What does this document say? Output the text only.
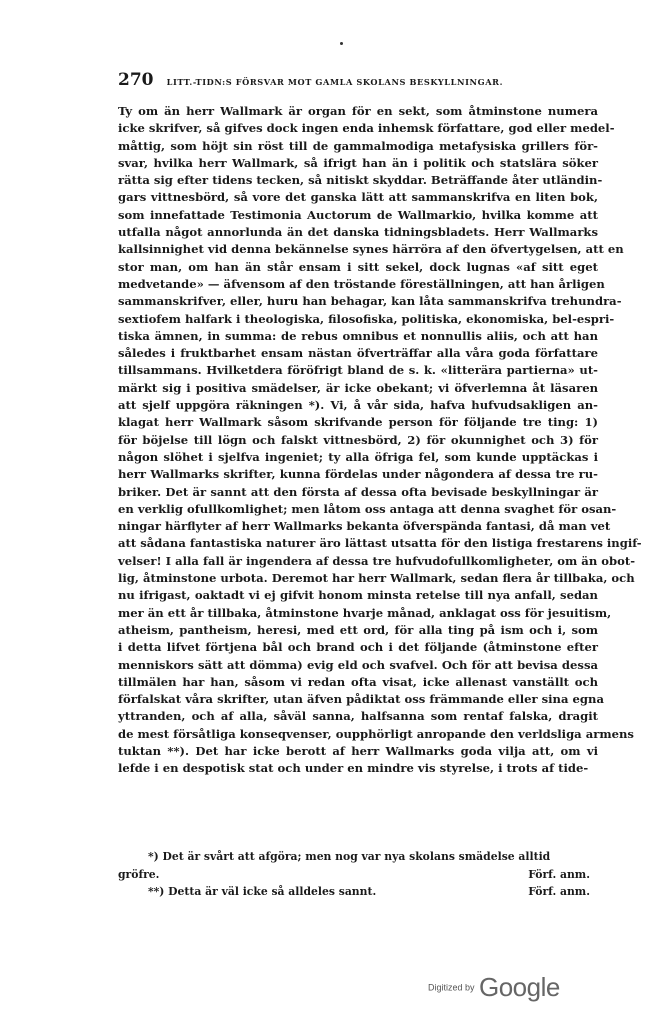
270 LITT.-TIDN:S FÖRSVAR MOT GAMLA SKOLANS BESKYLLNINGAR.
Ty om än herr Wallmark är organ för en sekt, som åtminstone numera
icke skrifver, så gifves dock ingen enda inhemsk författare, god eller medel-
måttig, som höjt sin röst till de gammalmodiga metafysiska grillers för-
svar, hvilka herr Wallmark, så ifrigt han än i politik och statslära söker
rätta sig efter tidens tecken, så nitiskt skyddar. Beträffande åter utländin-
gars vittnesbörd, så vore det ganska lätt att sammanskrifva en liten bok,
som innefattade Testimonia Auctorum de Wallmarkio, hvilka komme att
utfalla något annorlunda än det danska tidningsbladets. Herr Wallmarks
kallsinnighet vid denna bekännelse synes härröra af den öfvertygelsen, att en
stor man, om han än står ensam i sitt sekel, dock lugnas «af sitt eget
medvetande» — äfvensom af den tröstande föreställningen, att han årligen
sammanskrifver, eller, huru han behagar, kan låta sammanskrifva trehundra-
sextiofem halfark i theologiska, filosofiska, politiska, ekonomiska, bel-espri-
tiska ämnen, in summa: de rebus omnibus et nonnullis aliis, och att han
således i fruktbarhet ensam nästan öfverträffar alla våra goda författare
tillsammans. Hvilketdera föröfrigt bland de s. k. «litterära partierna» ut-
märkt sig i positiva smädelser, är icke obekant; vi öfverlemna åt läsaren
att sjelf uppgöra räkningen *). Vi, å vår sida, hafva hufvudsakligen an-
klagat herr Wallmark såsom skrifvande person för följande tre ting: 1)
för böjelse till lögn och falskt vittnesbörd, 2) för okunnighet och 3) för
någon slöhet i sjelfva ingeniet; ty alla öfriga fel, som kunde upptäckas i
herr Wallmarks skrifter, kunna fördelas under någondera af dessa tre ru-
briker. Det är sannt att den första af dessa ofta bevisade beskyllningar är
en verklig ofullkomlighet; men låtom oss antaga att denna svaghet för osan-
ningar härflyter af herr Wallmarks bekanta öfverspända fantasi, då man vet
att sådana fantastiska naturer äro lättast utsatta för den listiga frestarens ingif-
velser! I alla fall är ingendera af dessa tre hufvudofullkomligheter, om än obot-
lig, åtminstone urbota. Deremot har herr Wallmark, sedan flera år tillbaka, och
nu ifrigast, oaktadt vi ej gifvit honom minsta retelse till nya anfall, sedan
mer än ett år tillbaka, åtminstone hvarje månad, anklagat oss för jesuitism,
atheism, pantheism, heresi, med ett ord, för alla ting på ism och i, som
i detta lifvet förtjena bål och brand och i det följande (åtminstone efter
menniskors sätt att dömma) evig eld och svafvel. Och för att bevisa dessa
tillmälen har han, såsom vi redan ofta visat, icke allenast vanställt och
förfalskat våra skrifter, utan äfven pådiktat oss främmande eller sina egna
yttranden, och af alla, såväl sanna, halfsanna som rentaf falska, dragit
de mest försåtliga konseqvenser, oupphörligt anropande den verldsliga armens
tuktan **). Det har icke berott af herr Wallmarks goda vilja att, om vi
lefde i en despotisk stat och under en mindre vis styrelse, i trots af tide-
*) Det är svårt att afgöra; men nog var nya skolans smädelse alltid
gröfre.	Förf. anm.
**) Detta är väl icke så alldeles sannt.	Förf. anm.
Digitized by Google
